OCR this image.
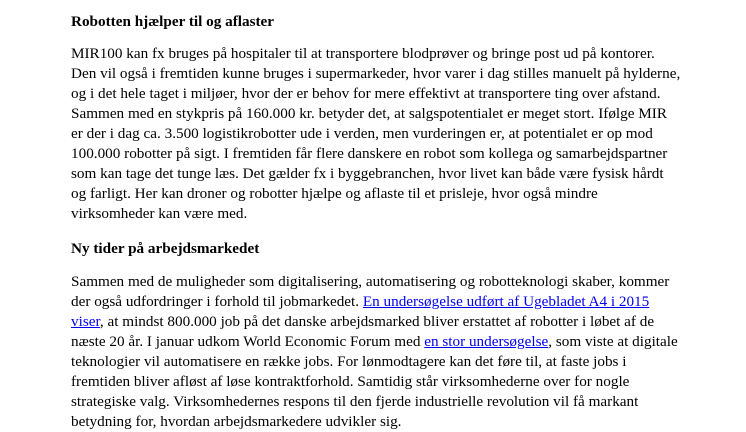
Robotten hjælper til og aflaster
MIR100 kan fx bruges på hospitaler til at transportere blodprøver og bringe post ud på kontorer.
Den vil også i fremtiden kunne bruges i supermarkeder, hvor varer i dag stilles manuelt på hylderne,
og i det hele taget i miljøer, hvor der er behov for mere effektivt at transportere ting over afstand.
Sammen med en stykpris på 160.000 kr. betyder det, at salgspotentialet er meget stort. Ifølge MIR
er der i dag ca. 3.500 logistikrobotter ude i verden, men vurderingen er, at potentialet er op mod
100.000 robotter på sigt. I fremtiden får flere danskere en robot som kollega og samarbejdspartner
som kan tage det tunge læs. Det gælder fx i byggebranchen, hvor livet kan både være fysisk hårdt
og farligt. Her kan droner og robotter hjælpe og aflaste til et prisleje, hvor også mindre
virksomheder kan være med.
Ny tider på arbejdsmarkedet
Sammen med de muligheder som digitalisering, automatisering og robotteknologi skaber, kommer
der også udfordringer i forhold til jobmarkedet. En undersøgelse udført af Ugebladet A4 i 2015
viser, at mindst 800.000 job på det danske arbejdsmarked bliver erstattet af robotter i løbet af de
næste 20 år. I januar udkom World Economic Forum med en stor undersøgelse, som viste at digitale
teknologier vil automatisere en række jobs. For lønmodtagere kan det føre til, at faste jobs i
fremtiden bliver afløst af løse kontraktforhold. Samtidig står virksomhederne over for nogle
strategiske valg. Virksomhedernes respons til den fjerde industrielle revolution vil få markant
betydning for, hvordan arbejdsmarkedere udvikler sig.
